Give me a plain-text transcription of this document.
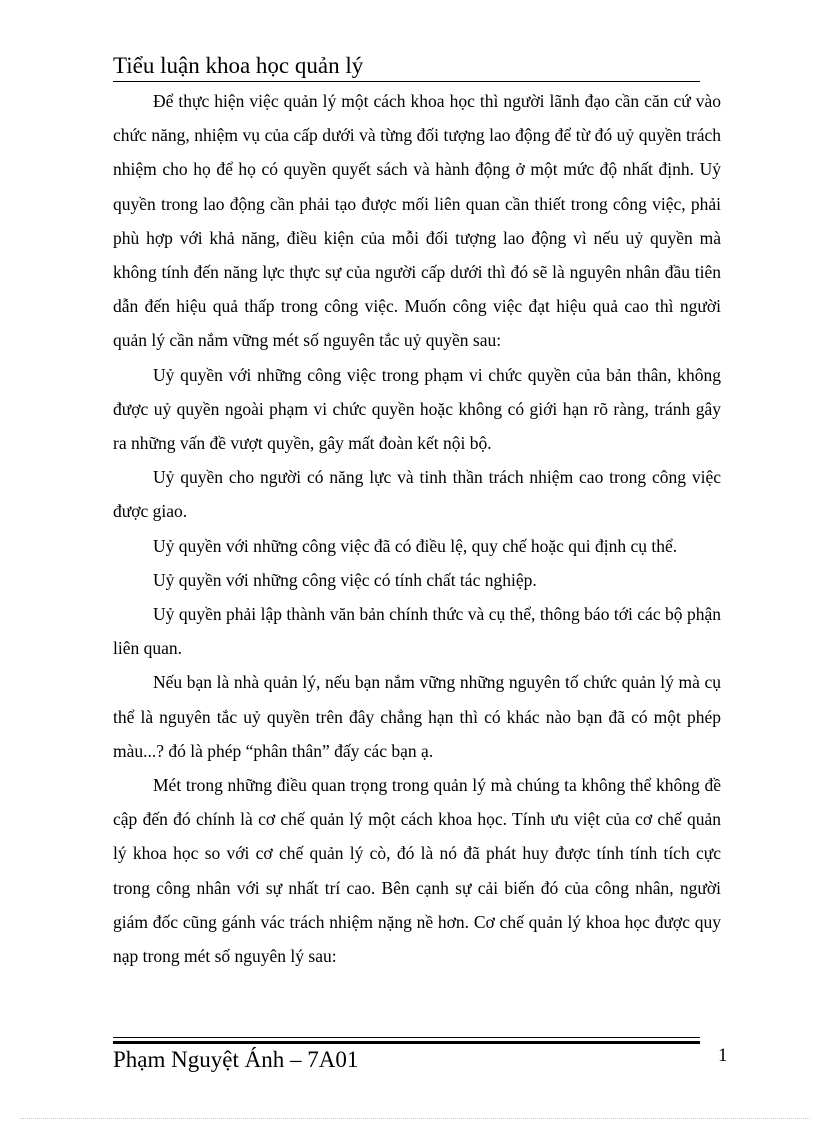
Tiểu luận khoa học quản lý

Để thực hiện việc quản lý một cách khoa học thì người lãnh đạo cần căn cứ vào chức năng, nhiệm vụ của cấp dưới và từng đối tượng lao động để từ đó uỷ quyền trách nhiệm cho họ để họ có quyền quyết sách và hành động ở một mức độ nhất định. Uỷ quyền trong lao động cần phải tạo được mối liên quan cần thiết trong công việc, phải phù hợp với khả năng, điều kiện của mỗi đối tượng lao động vì nếu uỷ quyền mà không tính đến năng lực thực sự của người cấp dưới thì đó sẽ là nguyên nhân đầu tiên dẫn đến hiệu quả thấp trong công việc. Muốn công việc đạt hiệu quả cao thì người quản lý cần nắm vững mét số nguyên tắc uỷ quyền sau:

Uỷ quyền với những công việc trong phạm vi chức quyền của bản thân, không được uỷ quyền ngoài phạm vi chức quyền hoặc không có giới hạn rõ ràng, tránh gây ra những vấn đề vượt quyền, gây mất đoàn kết nội bộ.

Uỷ quyền cho người có năng lực và tinh thần trách nhiệm cao trong công việc được giao.

Uỷ quyền với những công việc đã có điều lệ, quy chế hoặc qui định cụ thể.

Uỷ quyền với những công việc có tính chất tác nghiệp.

Uỷ quyền phải lập thành văn bản chính thức và cụ thể, thông báo tới các bộ phận liên quan.

Nếu bạn là nhà quản lý, nếu bạn nắm vững những nguyên tố chức quản lý mà cụ thể là nguyên tắc uỷ quyền trên đây chẳng hạn thì có khác nào bạn đã có một phép màu...? đó là phép “phân thân” đấy các bạn ạ.

Mét trong những điều quan trọng trong quản lý mà chúng ta không thể không đề cập đến đó chính là cơ chế quản lý một cách khoa học. Tính ưu việt của cơ chế quản lý khoa học so với cơ chế quản lý cò, đó là nó đã phát huy được tính tính tích cực trong công nhân với sự nhất trí cao. Bên cạnh sự cải biến đó của công nhân, người giám đốc cũng gánh vác trách nhiệm nặng nề hơn. Cơ chế quản lý khoa học được quy nạp trong mét số nguyên lý sau:

Phạm Nguyệt Ánh – 7A01	1
